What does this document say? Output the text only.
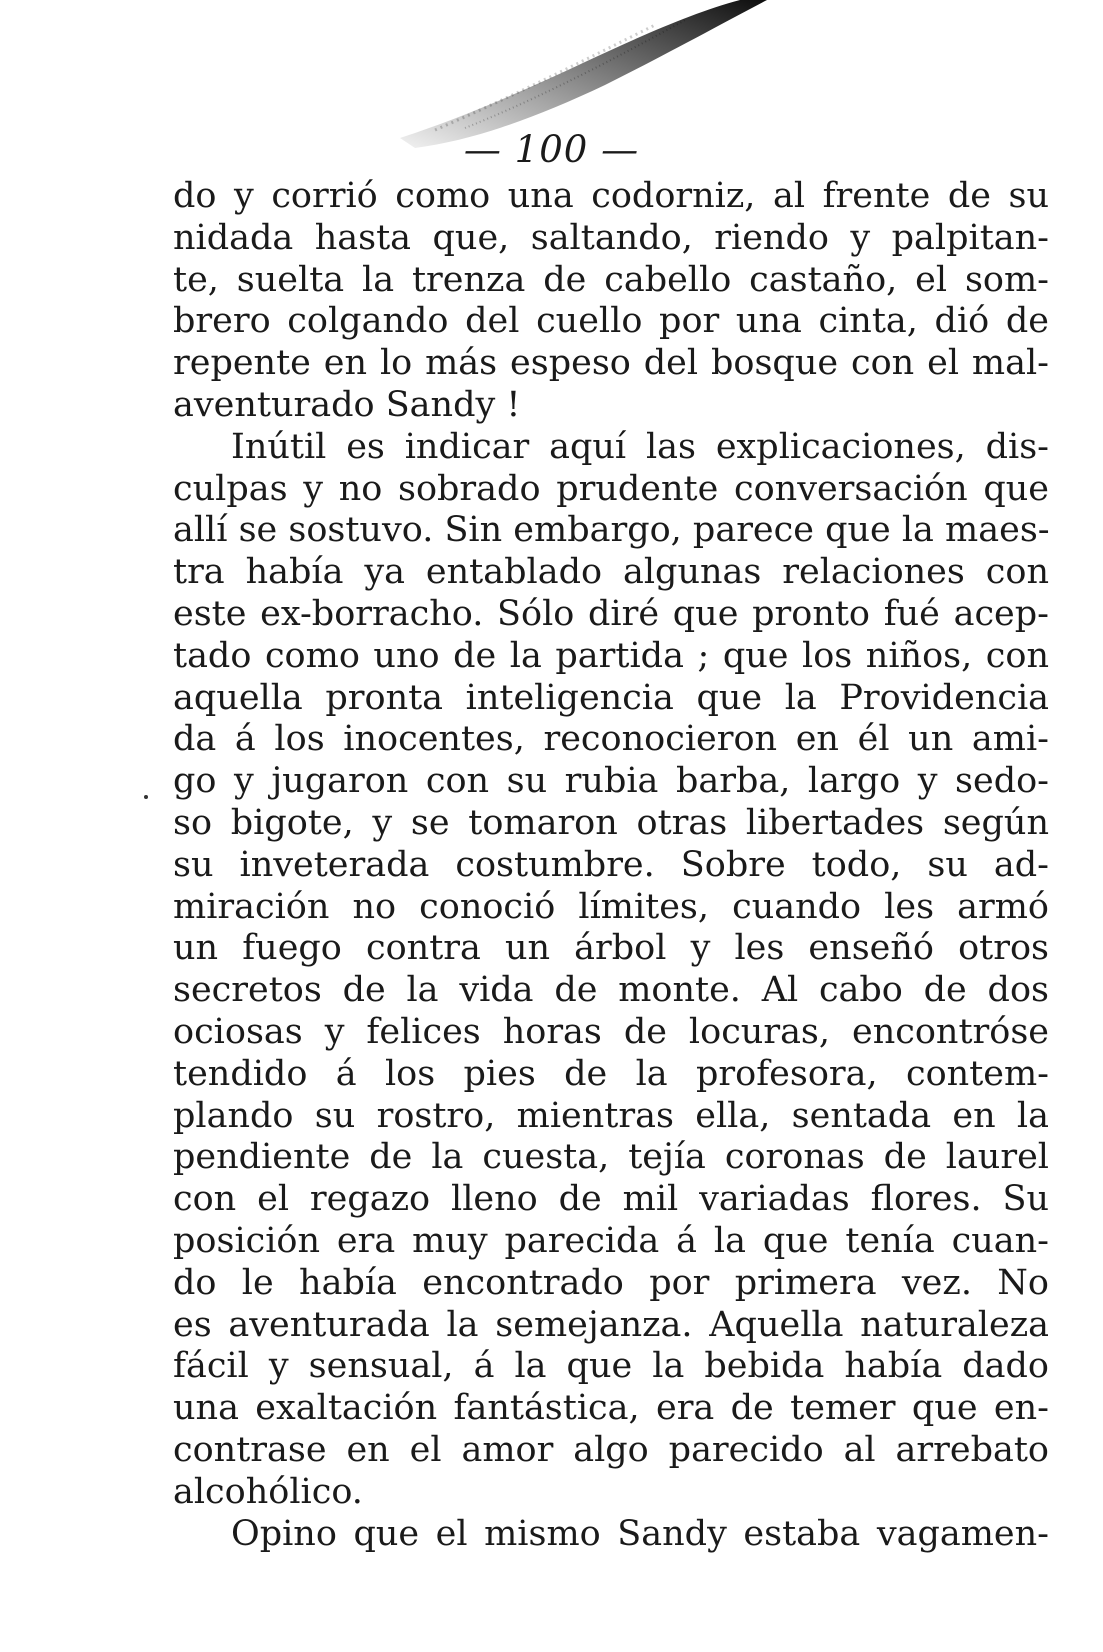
— 100 —
do y corrió como una codorniz, al frente de su
nidada hasta que, saltando, riendo y palpitan-
te, suelta la trenza de cabello castaño, el som-
brero colgando del cuello por una cinta, dió de
repente en lo más espeso del bosque con el mal-
aventurado Sandy !
Inútil es indicar aquí las explicaciones, dis-
culpas y no sobrado prudente conversación que
allí se sostuvo. Sin embargo, parece que la maes-
tra había ya entablado algunas relaciones con
este ex-borracho. Sólo diré que pronto fué acep-
tado como uno de la partida ; que los niños, con
aquella pronta inteligencia que la Providencia
da á los inocentes, reconocieron en él un ami-
go y jugaron con su rubia barba, largo y sedo-
so bigote, y se tomaron otras libertades según
su inveterada costumbre. Sobre todo, su ad-
miración no conoció límites, cuando les armó
un fuego contra un árbol y les enseñó otros
secretos de la vida de monte. Al cabo de dos
ociosas y felices horas de locuras, encontróse
tendido á los pies de la profesora, contem-
plando su rostro, mientras ella, sentada en la
pendiente de la cuesta, tejía coronas de laurel
con el regazo lleno de mil variadas flores. Su
posición era muy parecida á la que tenía cuan-
do le había encontrado por primera vez. No
es aventurada la semejanza. Aquella naturaleza
fácil y sensual, á la que la bebida había dado
una exaltación fantástica, era de temer que en-
contrase en el amor algo parecido al arrebato
alcohólico.
Opino que el mismo Sandy estaba vagamen-
